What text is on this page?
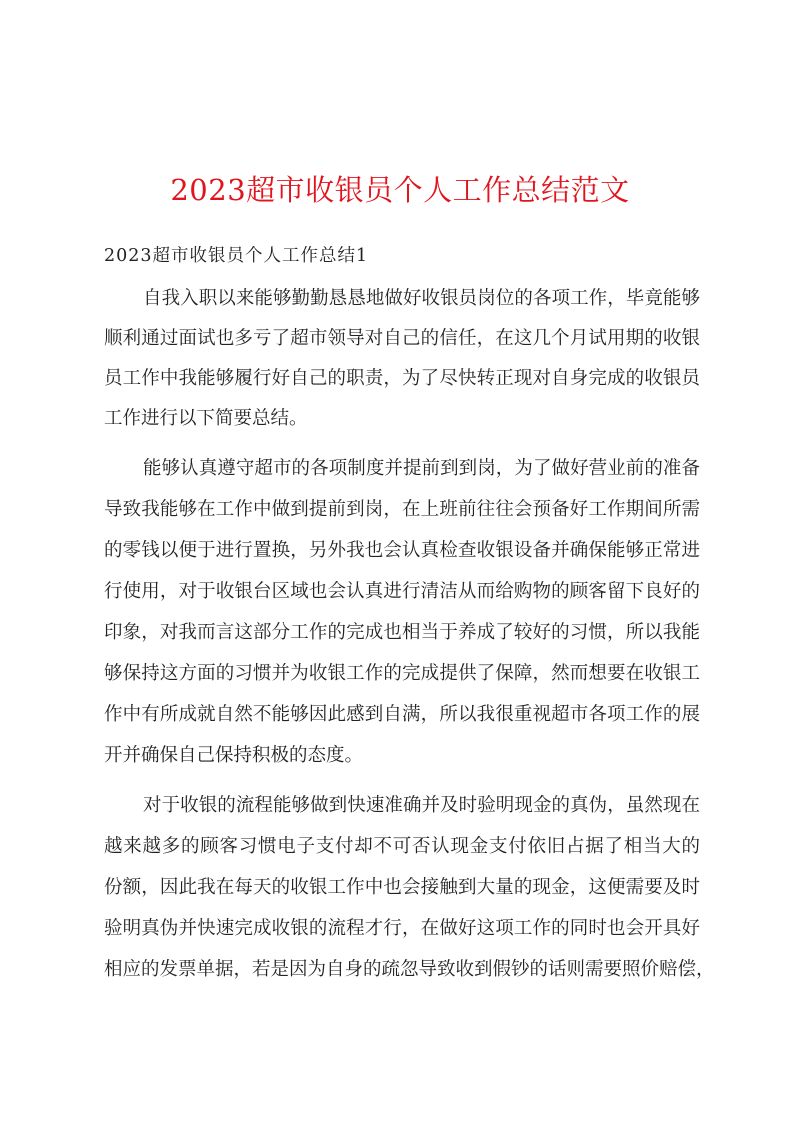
2023超市收银员个人工作总结范文
2023超市收银员个人工作总结1
自我入职以来能够勤勤恳恳地做好收银员岗位的各项工作，毕竟能够
顺利通过面试也多亏了超市领导对自己的信任，在这几个月试用期的收银
员工作中我能够履行好自己的职责，为了尽快转正现对自身完成的收银员
工作进行以下简要总结。
能够认真遵守超市的各项制度并提前到到岗，为了做好营业前的准备
导致我能够在工作中做到提前到岗，在上班前往往会预备好工作期间所需
的零钱以便于进行置换，另外我也会认真检查收银设备并确保能够正常进
行使用，对于收银台区域也会认真进行清洁从而给购物的顾客留下良好的
印象，对我而言这部分工作的完成也相当于养成了较好的习惯，所以我能
够保持这方面的习惯并为收银工作的完成提供了保障，然而想要在收银工
作中有所成就自然不能够因此感到自满，所以我很重视超市各项工作的展
开并确保自己保持积极的态度。
对于收银的流程能够做到快速准确并及时验明现金的真伪，虽然现在
越来越多的顾客习惯电子支付却不可否认现金支付依旧占据了相当大的
份额，因此我在每天的收银工作中也会接触到大量的现金，这便需要及时
验明真伪并快速完成收银的流程才行，在做好这项工作的同时也会开具好
相应的发票单据，若是因为自身的疏忽导致收到假钞的话则需要照价赔偿，
